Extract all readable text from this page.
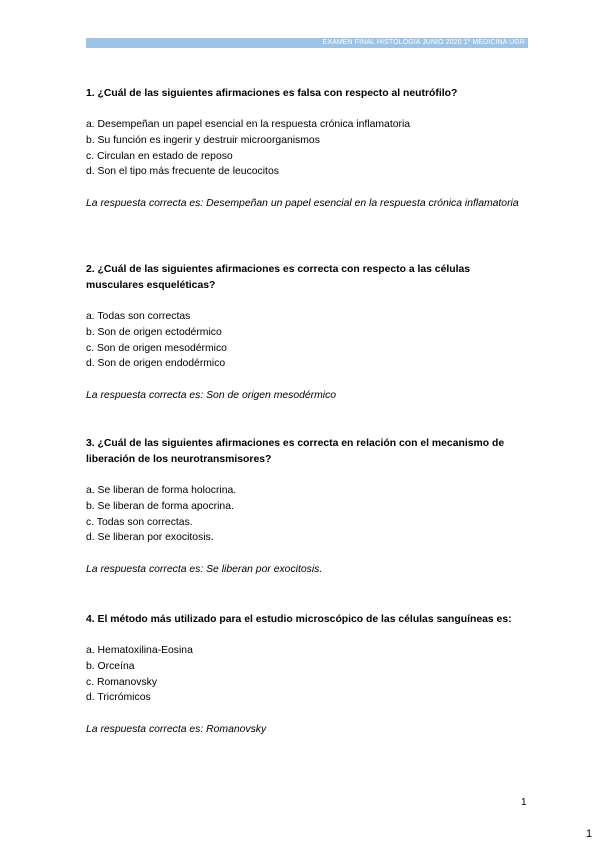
EXAMEN FINAL HISTOLOGÍA JUNIO 2020 1º MEDICINA UGR

1. ¿Cuál de las siguientes afirmaciones es falsa con respecto al neutrófilo?

a. Desempeñan un papel esencial en la respuesta crónica inflamatoria
b. Su función es ingerir y destruir microorganismos
c. Circulan en estado de reposo
d. Son el tipo más frecuente de leucocitos
La respuesta correcta es: Desempeñan un papel esencial en la respuesta crónica inflamatoria

2. ¿Cuál de las siguientes afirmaciones es correcta con respecto a las células musculares esqueléticas?

a. Todas son correctas
b. Son de origen ectodérmico
c. Son de origen mesodérmico
d. Son de origen endodérmico
La respuesta correcta es: Son de origen mesodérmico

3. ¿Cuál de las siguientes afirmaciones es correcta en relación con el mecanismo de liberación de los neurotransmisores?

a. Se liberan de forma holocrina.
b. Se liberan de forma apocrina.
c. Todas son correctas.
d. Se liberan por exocitosis.
La respuesta correcta es: Se liberan por exocitosis.

4. El método más utilizado para el estudio microscópico de las células sanguíneas es:

a. Hematoxilina-Eosina
b. Orceína
c. Romanovsky
d. Tricrómicos
La respuesta correcta es: Romanovsky
1
1
